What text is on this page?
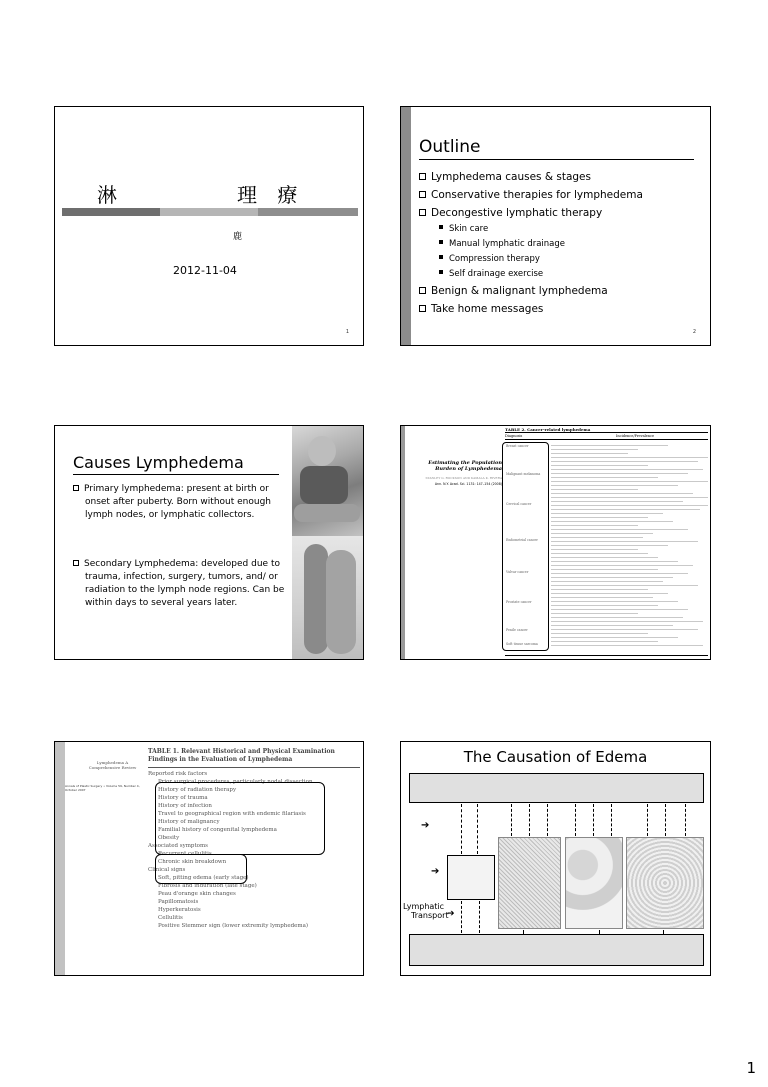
淋	理 療
鹿
2012-11-04
1
Outline
Lymphedema causes & stages
Conservative therapies for lymphedema
Decongestive lymphatic therapy
Skin care
Manual lymphatic drainage
Compression therapy
Self drainage exercise
Benign & malignant lymphedema
Take home messages
2
Causes Lymphedema
Primary lymphedema: present at birth or onset after puberty. Born without enough lymph nodes, or lymphatic collectors.
Secondary Lymphedema: developed due to trauma, infection, surgery, tumors, and/ or radiation to the lymph node regions. Can be within days to several years later.
Estimating the Population Burden of Lymphedema
STANLEY G. ROCKSON AND KAMALA K. RIVERA
Ann. N.Y. Acad. Sci. 1131: 147–154 (2008).
TABLE 2. Cancer-related lymphedema
Diagnosis	Incidence/Prevalence
Breast cancer
Malignant melanoma
Cervical cancer
Endometrial cancer
Vulvar cancer
Prostate cancer
Penile cancer
Soft tissue sarcoma
TABLE 1. Relevant Historical and Physical Examination Findings in the Evaluation of Lymphedema
Lymphedema A Comprehensive Review
Annals of Plastic Surgery • Volume 59, Number 4, October 2007
Reported risk factors
Prior surgical procedures, particularly nodal dissection
History of radiation therapy
History of trauma
History of infection
Travel to geographical region with endemic filariasis
History of malignancy
Familial history of congenital lymphedema
Obesity
Associated symptoms
Recurrent cellulitis
Chronic skin breakdown
Clinical signs
Soft, pitting edema (early stage)
Fibrosis and induration (late stage)
Peau d'orange skin changes
Papillomatosis
Hyperkeratosis
Cellulitis
Positive Stemmer sign (lower extremity lymphedema)
The Causation of Edema
➔
➔
Lymphatic
Transport
➔
1
